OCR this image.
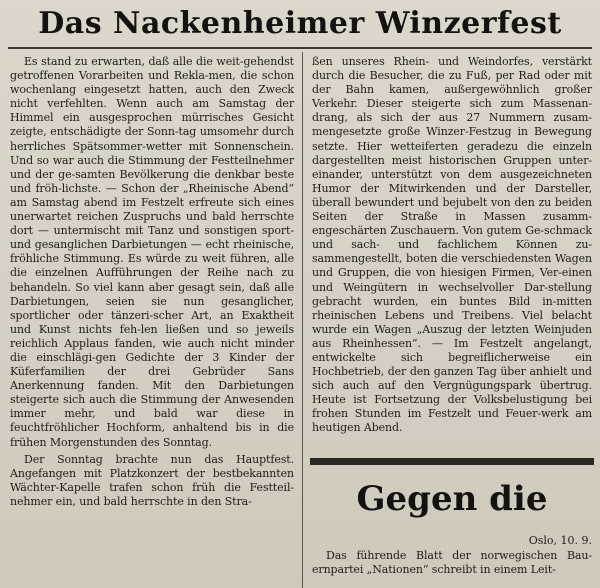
Das Nackenheimer Winzerfest

Es stand zu erwarten, daß alle die weit-gehendst getroffenen Vorarbeiten und Rekla-men, die schon wochenlang eingesetzt hatten, auch den Zweck nicht verfehlten. Wenn auch am Samstag der Himmel ein ausgesprochen mürrisches Gesicht zeigte, entschädigte der Sonn-tag umsomehr durch herrliches Spätsommer-wetter mit Sonnenschein. Und so war auch die Stimmung der Festteilnehmer und der ge-samten Bevölkerung die denkbar beste und fröh-lichste. — Schon der „Rheinische Abend“ am Samstag abend im Festzelt erfreute sich eines unerwartet reichen Zuspruchs und bald herrschte dort — untermischt mit Tanz und sonstigen sport- und gesanglichen Darbietungen — echt rheinische, fröhliche Stimmung. Es würde zu weit führen, alle die einzelnen Aufführungen der Reihe nach zu behandeln. So viel kann aber gesagt sein, daß alle Darbietungen, seien sie nun gesanglicher, sportlicher oder tänzeri-scher Art, an Exaktheit und Kunst nichts feh-len ließen und so jeweils reichlich Applaus fanden, wie auch nicht minder die einschlägi-gen Gedichte der 3 Kinder der Küferfamilien der drei Gebrüder Sans Anerkennung fanden. Mit den Darbietungen steigerte sich auch die Stimmung der Anwesenden immer mehr, und bald war diese in feuchtfröhlicher Hochform, anhaltend bis in die frühen Morgenstunden des Sonntag.

Der Sonntag brachte nun das Hauptfest. Angefangen mit Platzkonzert der bestbekannten Wächter-Kapelle trafen schon früh die Festteil-nehmer ein, und bald herrschte in den Stra-

ßen unseres Rhein- und Weindorfes, verstärkt durch die Besucher, die zu Fuß, per Rad oder mit der Bahn kamen, außergewöhnlich großer Verkehr. Dieser steigerte sich zum Massenan-drang, als sich der aus 27 Nummern zusam-mengesetzte große Winzer-Festzug in Bewegung setzte. Hier wetteiferten geradezu die einzeln dargestellten meist historischen Gruppen unter-einander, unterstützt von dem ausgezeichneten Humor der Mitwirkenden und der Darsteller, überall bewundert und bejubelt von den zu beiden Seiten der Straße in Massen zusamm-engeschärten Zuschauern. Von gutem Ge-schmack und sach- und fachlichem Können zu-sammengestellt, boten die verschiedensten Wagen und Gruppen, die von hiesigen Firmen, Ver-einen und Weingütern in wechselvoller Dar-stellung gebracht wurden, ein buntes Bild in-mitten rheinischen Lebens und Treibens. Viel belacht wurde ein Wagen „Auszug der letzten Weinjuden aus Rheinhessen“. — Im Festzelt angelangt, entwickelte sich begreiflicherweise ein Hochbetrieb, der den ganzen Tag über anhielt und sich auch auf den Vergnügungspark übertrug. Heute ist Fortsetzung der Volksbelustigung bei frohen Stunden im Festzelt und Feuer-werk am heutigen Abend.

Gegen die
Oslo, 10. 9.

Das führende Blatt der norwegischen Bau-ernpartei „Nationen“ schreibt in einem Leit-
